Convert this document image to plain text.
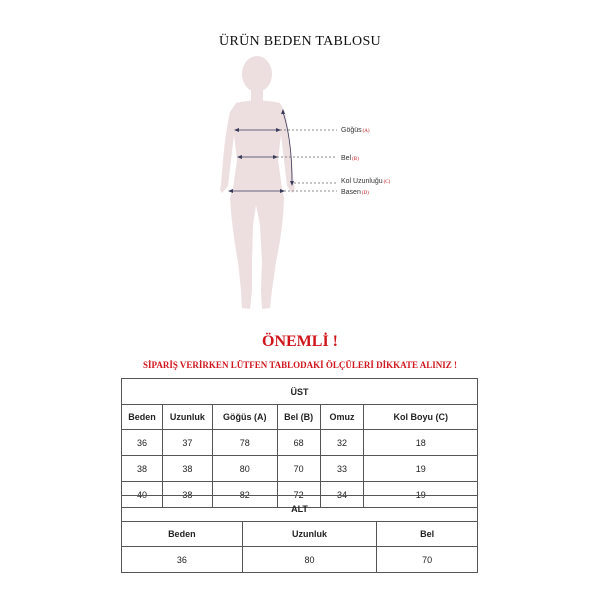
ÜRÜN BEDEN TABLOSU
Göğüs(A)
Bel(B)
Kol Uzunluğu(C)
Basen(D)
ÖNEMLİ !
SİPARİŞ VERİRKEN LÜTFEN TABLODAKİ ÖLÇÜLERİ DİKKATE ALINIZ !
ÜST					
Beden	Uzunluk	Göğüs (A)	Bel (B)	Omuz	Kol Boyu (C)
36	37	78	68	32	18
38	38	80	70	33	19
40	38	82	72	34	19
ALT		
Beden	Uzunluk	Bel
36	80	70
